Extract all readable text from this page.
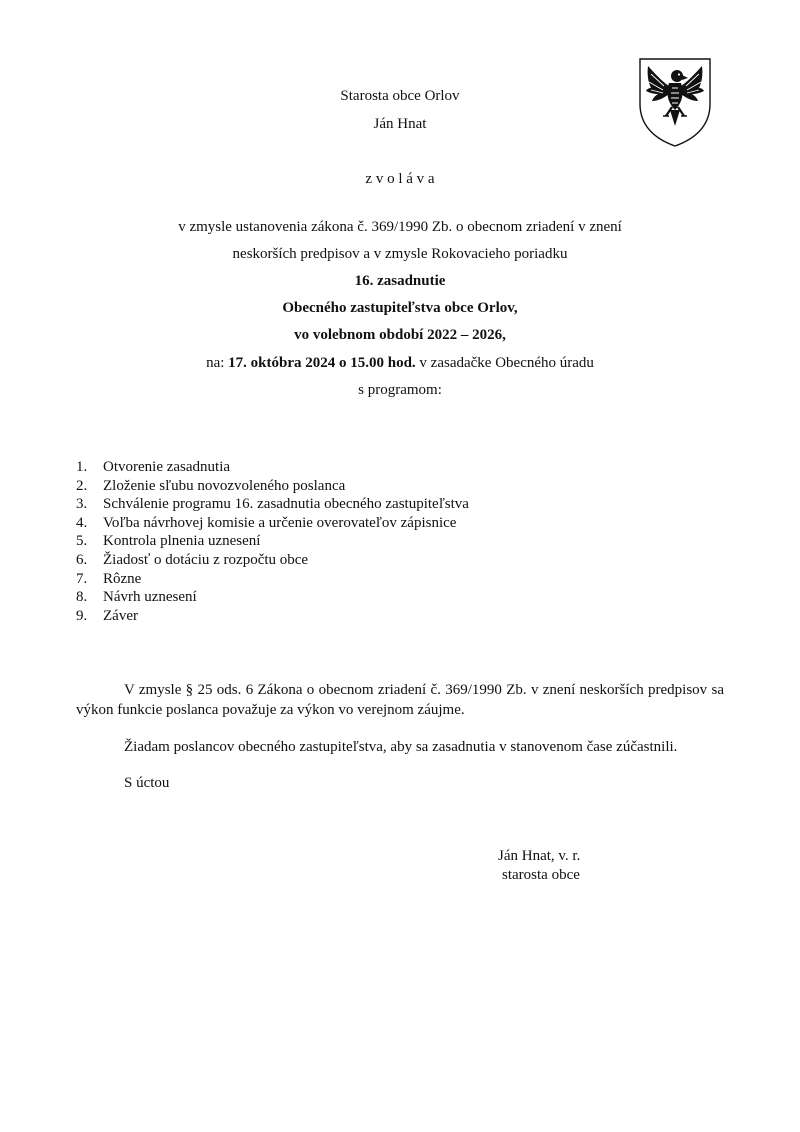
Starosta obce Orlov
Ján Hnat
z v o l á v a
v zmysle ustanovenia zákona č. 369/1990 Zb. o obecnom zriadení v znení
neskorších predpisov a v zmysle Rokovacieho poriadku
16. zasadnutie
Obecného zastupiteľstva obce Orlov,
vo volebnom období 2022 – 2026,
na: 17. októbra 2024 o 15.00 hod. v zasadačke Obecného úradu
s programom:
1. Otvorenie zasadnutia
2. Zloženie sľubu novozvoleného poslanca
3. Schválenie programu 16. zasadnutia obecného zastupiteľstva
4. Voľba návrhovej komisie a určenie overovateľov zápisnice
5. Kontrola plnenia uznesení
6. Žiadosť o dotáciu z rozpočtu obce
7. Rôzne
8. Návrh uznesení
9. Záver
V zmysle § 25 ods. 6 Zákona o obecnom zriadení č. 369/1990 Zb. v znení neskorších predpisov sa výkon funkcie poslanca považuje za výkon vo verejnom záujme.
Žiadam poslancov obecného zastupiteľstva, aby sa zasadnutia v stanovenom čase zúčastnili.
S úctou
Ján Hnat, v. r.
starosta obce
